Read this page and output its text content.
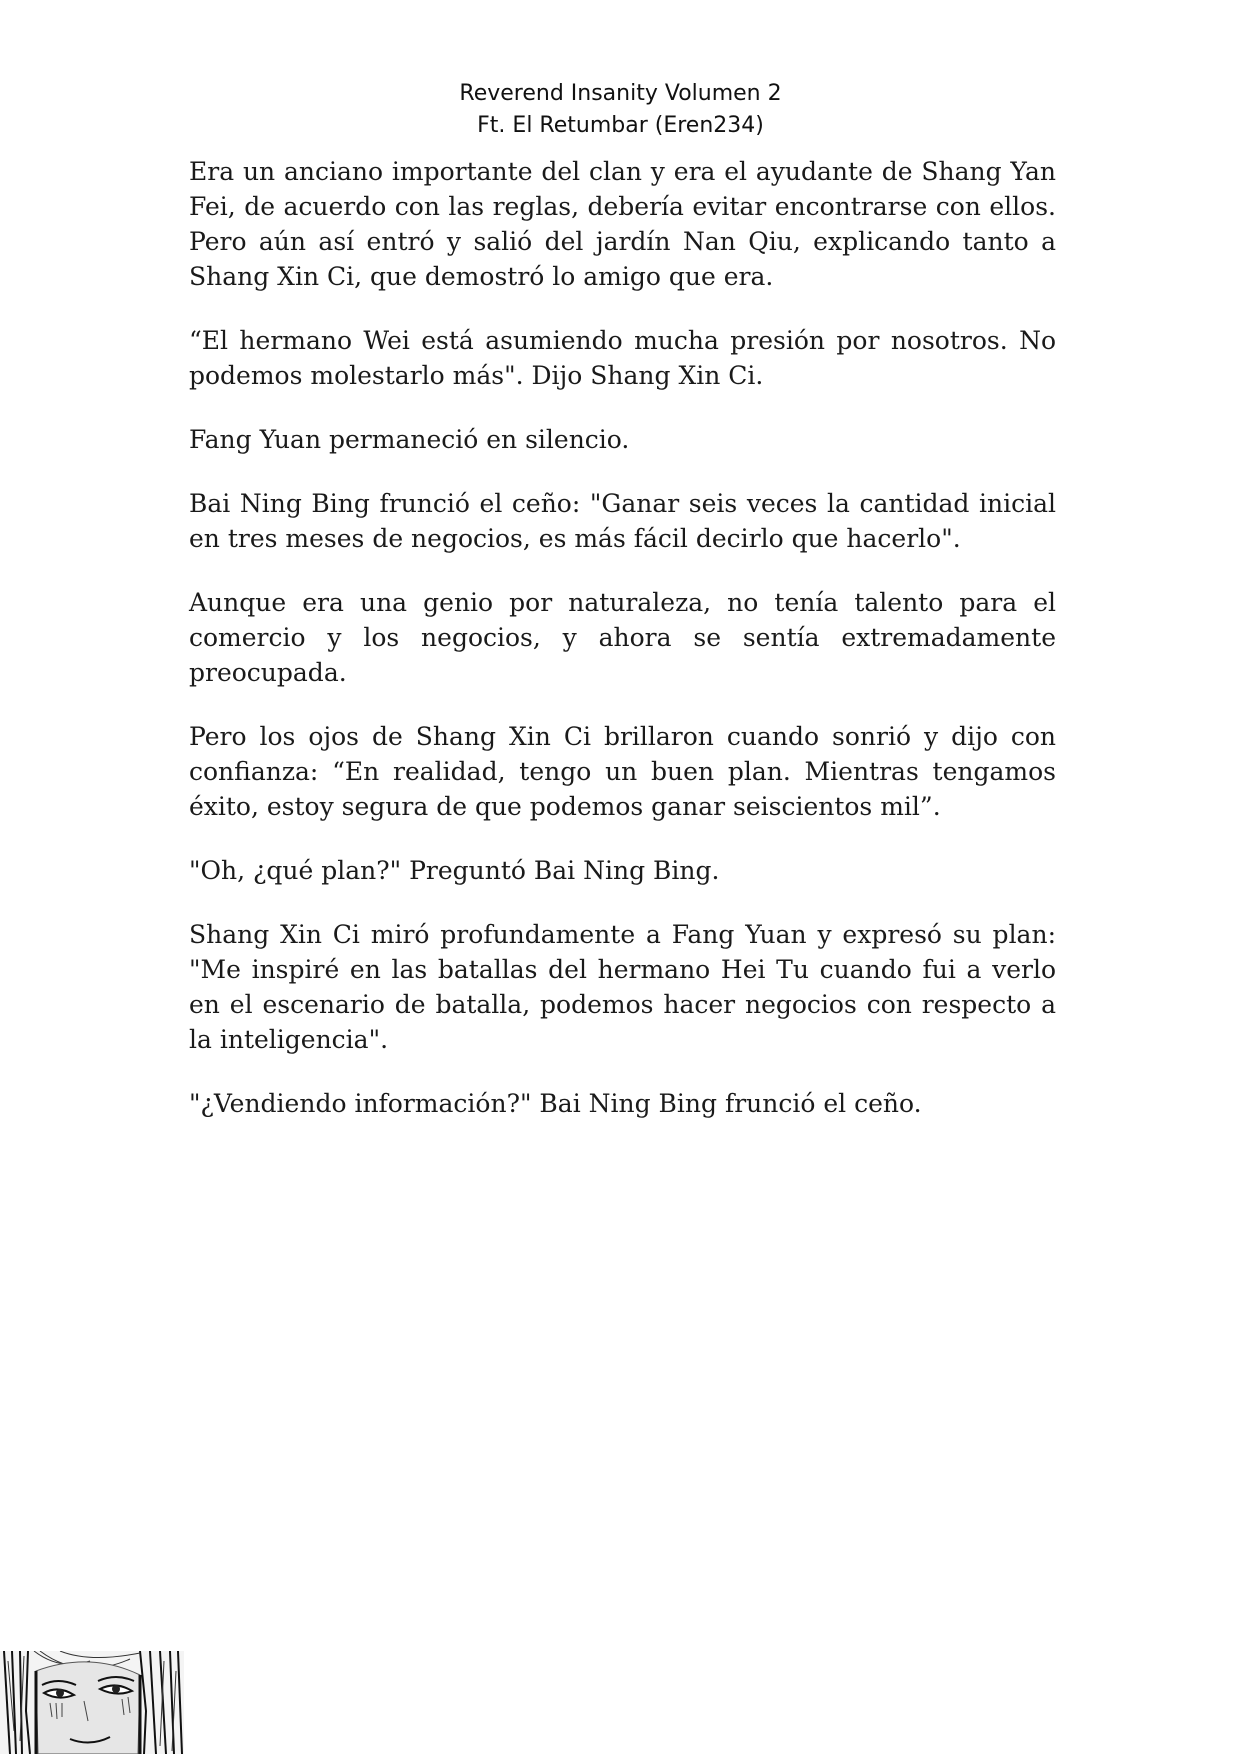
Reverend Insanity Volumen 2
Ft. El Retumbar (Eren234)

Era un anciano importante del clan y era el ayudante de Shang Yan Fei, de acuerdo con las reglas, debería evitar encontrarse con ellos. Pero aún así entró y salió del jardín Nan Qiu, explicando tanto a Shang Xin Ci, que demostró lo amigo que era.

“El hermano Wei está asumiendo mucha presión por nosotros. No podemos molestarlo más". Dijo Shang Xin Ci.

Fang Yuan permaneció en silencio.

Bai Ning Bing frunció el ceño: "Ganar seis veces la cantidad inicial en tres meses de negocios, es más fácil decirlo que hacerlo".

Aunque era una genio por naturaleza, no tenía talento para el comercio y los negocios, y ahora se sentía extremadamente preocupada.

Pero los ojos de Shang Xin Ci brillaron cuando sonrió y dijo con confianza: “En realidad, tengo un buen plan. Mientras tengamos éxito, estoy segura de que podemos ganar seiscientos mil”.

"Oh, ¿qué plan?" Preguntó Bai Ning Bing.

Shang Xin Ci miró profundamente a Fang Yuan y expresó su plan: "Me inspiré en las batallas del hermano Hei Tu cuando fui a verlo en el escenario de batalla, podemos hacer negocios con respecto a la inteligencia".

"¿Vendiendo información?" Bai Ning Bing frunció el ceño.
